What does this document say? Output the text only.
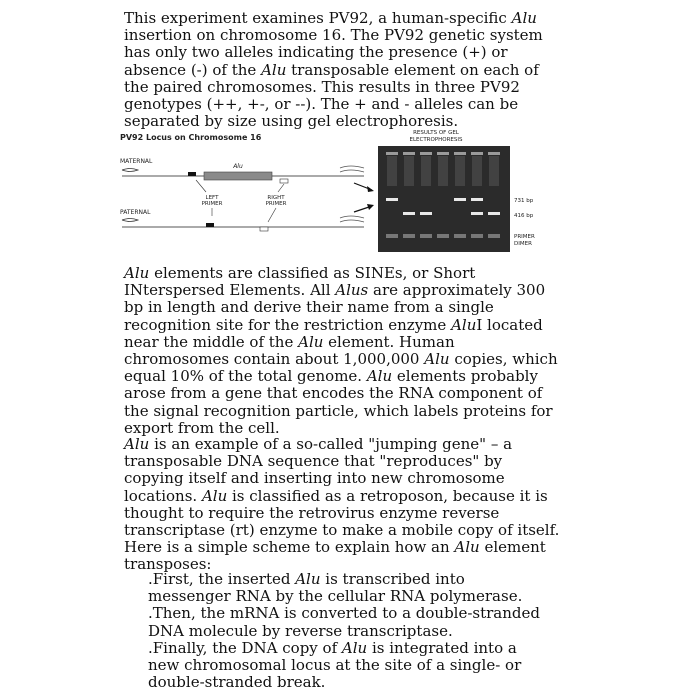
This experiment examines PV92, a human-specific Alu insertion on chromosome 16. The PV92 genetic system has only two alleles indicating the presence (+) or absence (-) of the Alu transposable element on each of the paired chromosomes. This results in three PV92 genotypes (++, +-, or --). The + and - alleles can be separated by size using gel electrophoresis.
PV92 Locus on Chromosome 16	RESULTS OF GEL
ELECTROPHORESIS
MATERNAL
Alu
LEFT
PRIMER
RIGHT
PRIMER
PATERNAL
731 bp
416 bp
PRIMER
DIMER
Alu elements are classified as SINEs, or Short INterspersed Elements. All Alus are approximately 300 bp in length and derive their name from a single recognition site for the restriction enzyme AluI located near the middle of the Alu element. Human chromosomes contain about 1,000,000 Alu copies, which equal 10% of the total genome. Alu elements probably arose from a gene that encodes the RNA component of the signal recognition particle, which labels proteins for export from the cell.
Alu is an example of a so-called "jumping gene" – a transposable DNA sequence that "reproduces" by copying itself and inserting into new chromosome locations. Alu is classified as a retroposon, because it is thought to require the retrovirus enzyme reverse transcriptase (rt) enzyme to make a mobile copy of itself. Here is a simple scheme to explain how an Alu element transposes:

.First, the inserted Alu is transcribed into messenger RNA by the cellular RNA polymerase.

.Then, the mRNA is converted to a double-stranded DNA molecule by reverse transcriptase.

.Finally, the DNA copy of Alu is integrated into a new chromosomal locus at the site of a single- or double-stranded break.
